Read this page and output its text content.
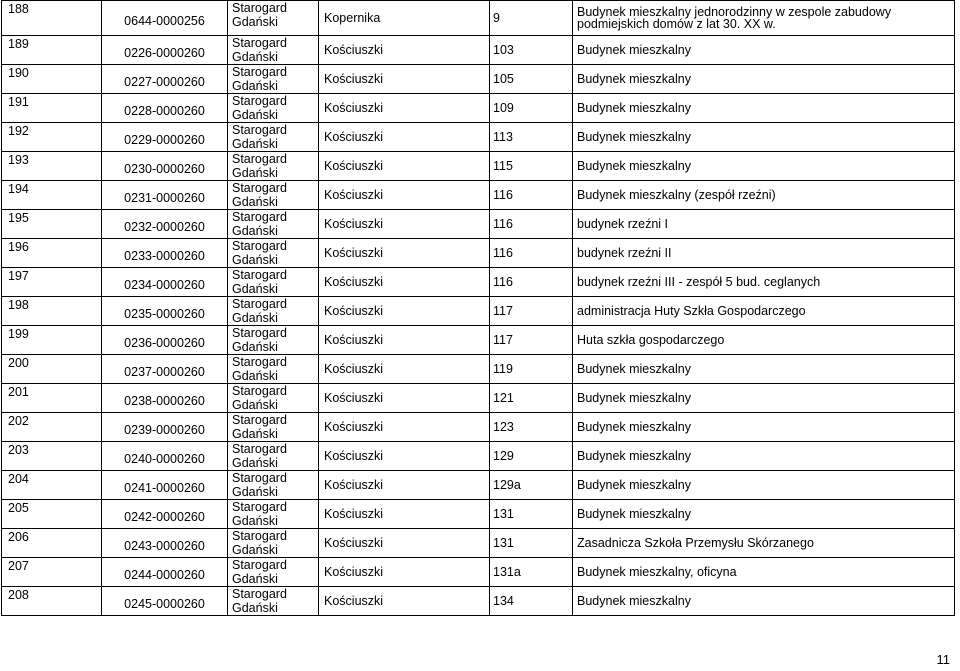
188	0644-0000256	Starogard Gdański	Kopernika	9	Budynek mieszkalny jednorodzinny w zespole zabudowy podmiejskich domów z lat 30. XX w.

189	0226-0000260	Starogard Gdański	Kościuszki	103	Budynek mieszkalny

190	0227-0000260	Starogard Gdański	Kościuszki	105	Budynek mieszkalny

191	0228-0000260	Starogard Gdański	Kościuszki	109	Budynek mieszkalny

192	0229-0000260	Starogard Gdański	Kościuszki	113	Budynek mieszkalny

193	0230-0000260	Starogard Gdański	Kościuszki	115	Budynek mieszkalny

194	0231-0000260	Starogard Gdański	Kościuszki	116	Budynek mieszkalny (zespół rzeźni)

195	0232-0000260	Starogard Gdański	Kościuszki	116	budynek rzeźni I

196	0233-0000260	Starogard Gdański	Kościuszki	116	budynek rzeźni II

197	0234-0000260	Starogard Gdański	Kościuszki	116	budynek rzeźni III - zespół 5 bud. ceglanych

198	0235-0000260	Starogard Gdański	Kościuszki	117	administracja Huty Szkła Gospodarczego

199	0236-0000260	Starogard Gdański	Kościuszki	117	Huta szkła gospodarczego

200	0237-0000260	Starogard Gdański	Kościuszki	119	Budynek mieszkalny

201	0238-0000260	Starogard Gdański	Kościuszki	121	Budynek mieszkalny

202	0239-0000260	Starogard Gdański	Kościuszki	123	Budynek mieszkalny

203	0240-0000260	Starogard Gdański	Kościuszki	129	Budynek mieszkalny

204	0241-0000260	Starogard Gdański	Kościuszki	129a	Budynek mieszkalny

205	0242-0000260	Starogard Gdański	Kościuszki	131	Budynek mieszkalny

206	0243-0000260	Starogard Gdański	Kościuszki	131	Zasadnicza Szkoła Przemysłu Skórzanego

207	0244-0000260	Starogard Gdański	Kościuszki	131a	Budynek mieszkalny, oficyna

208	0245-0000260	Starogard Gdański	Kościuszki	134	Budynek mieszkalny
11
